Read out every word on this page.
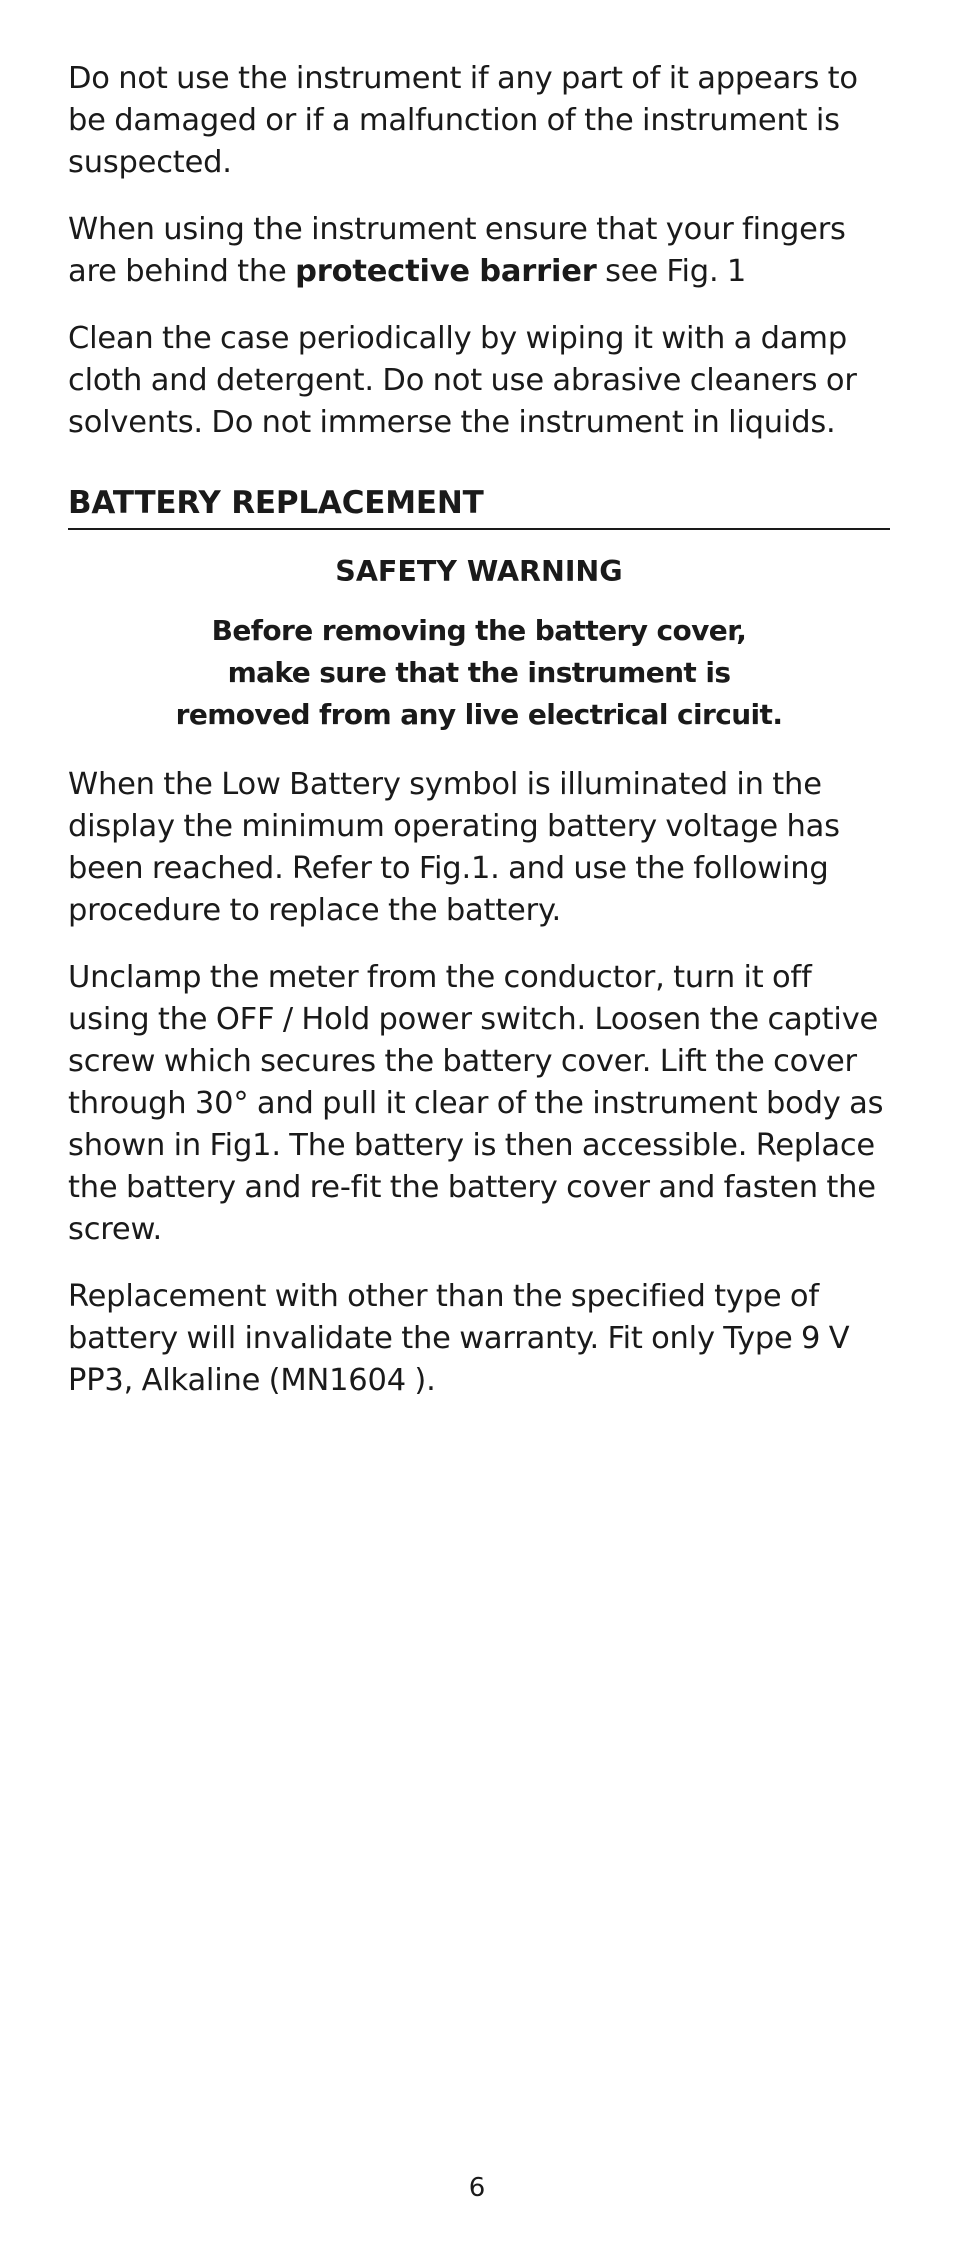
Do not use the instrument if any part of it appears to be damaged or if a malfunction of the instrument is suspected.

When using the instrument ensure that your fingers are behind the protective barrier see Fig. 1

Clean the case periodically by wiping it with a damp cloth and detergent. Do not use abrasive cleaners or solvents. Do not immerse the instrument in liquids.

BATTERY REPLACEMENT

SAFETY WARNING

Before removing the battery cover,
make sure that the instrument is
removed from any live electrical circuit.

When the Low Battery symbol is illuminated in the display the minimum operating battery voltage has been reached. Refer to Fig.1. and use the following procedure to replace the battery.

Unclamp the meter from the conductor, turn it off using the OFF / Hold power switch. Loosen the captive screw which secures the battery cover. Lift the cover through 30° and pull it clear of the instrument body as shown in Fig1. The battery is then accessible. Replace the battery and re-fit the battery cover and fasten the screw.

Replacement with other than the specified type of battery will invalidate the warranty. Fit only Type 9 V PP3, Alkaline (MN1604 ).

6
